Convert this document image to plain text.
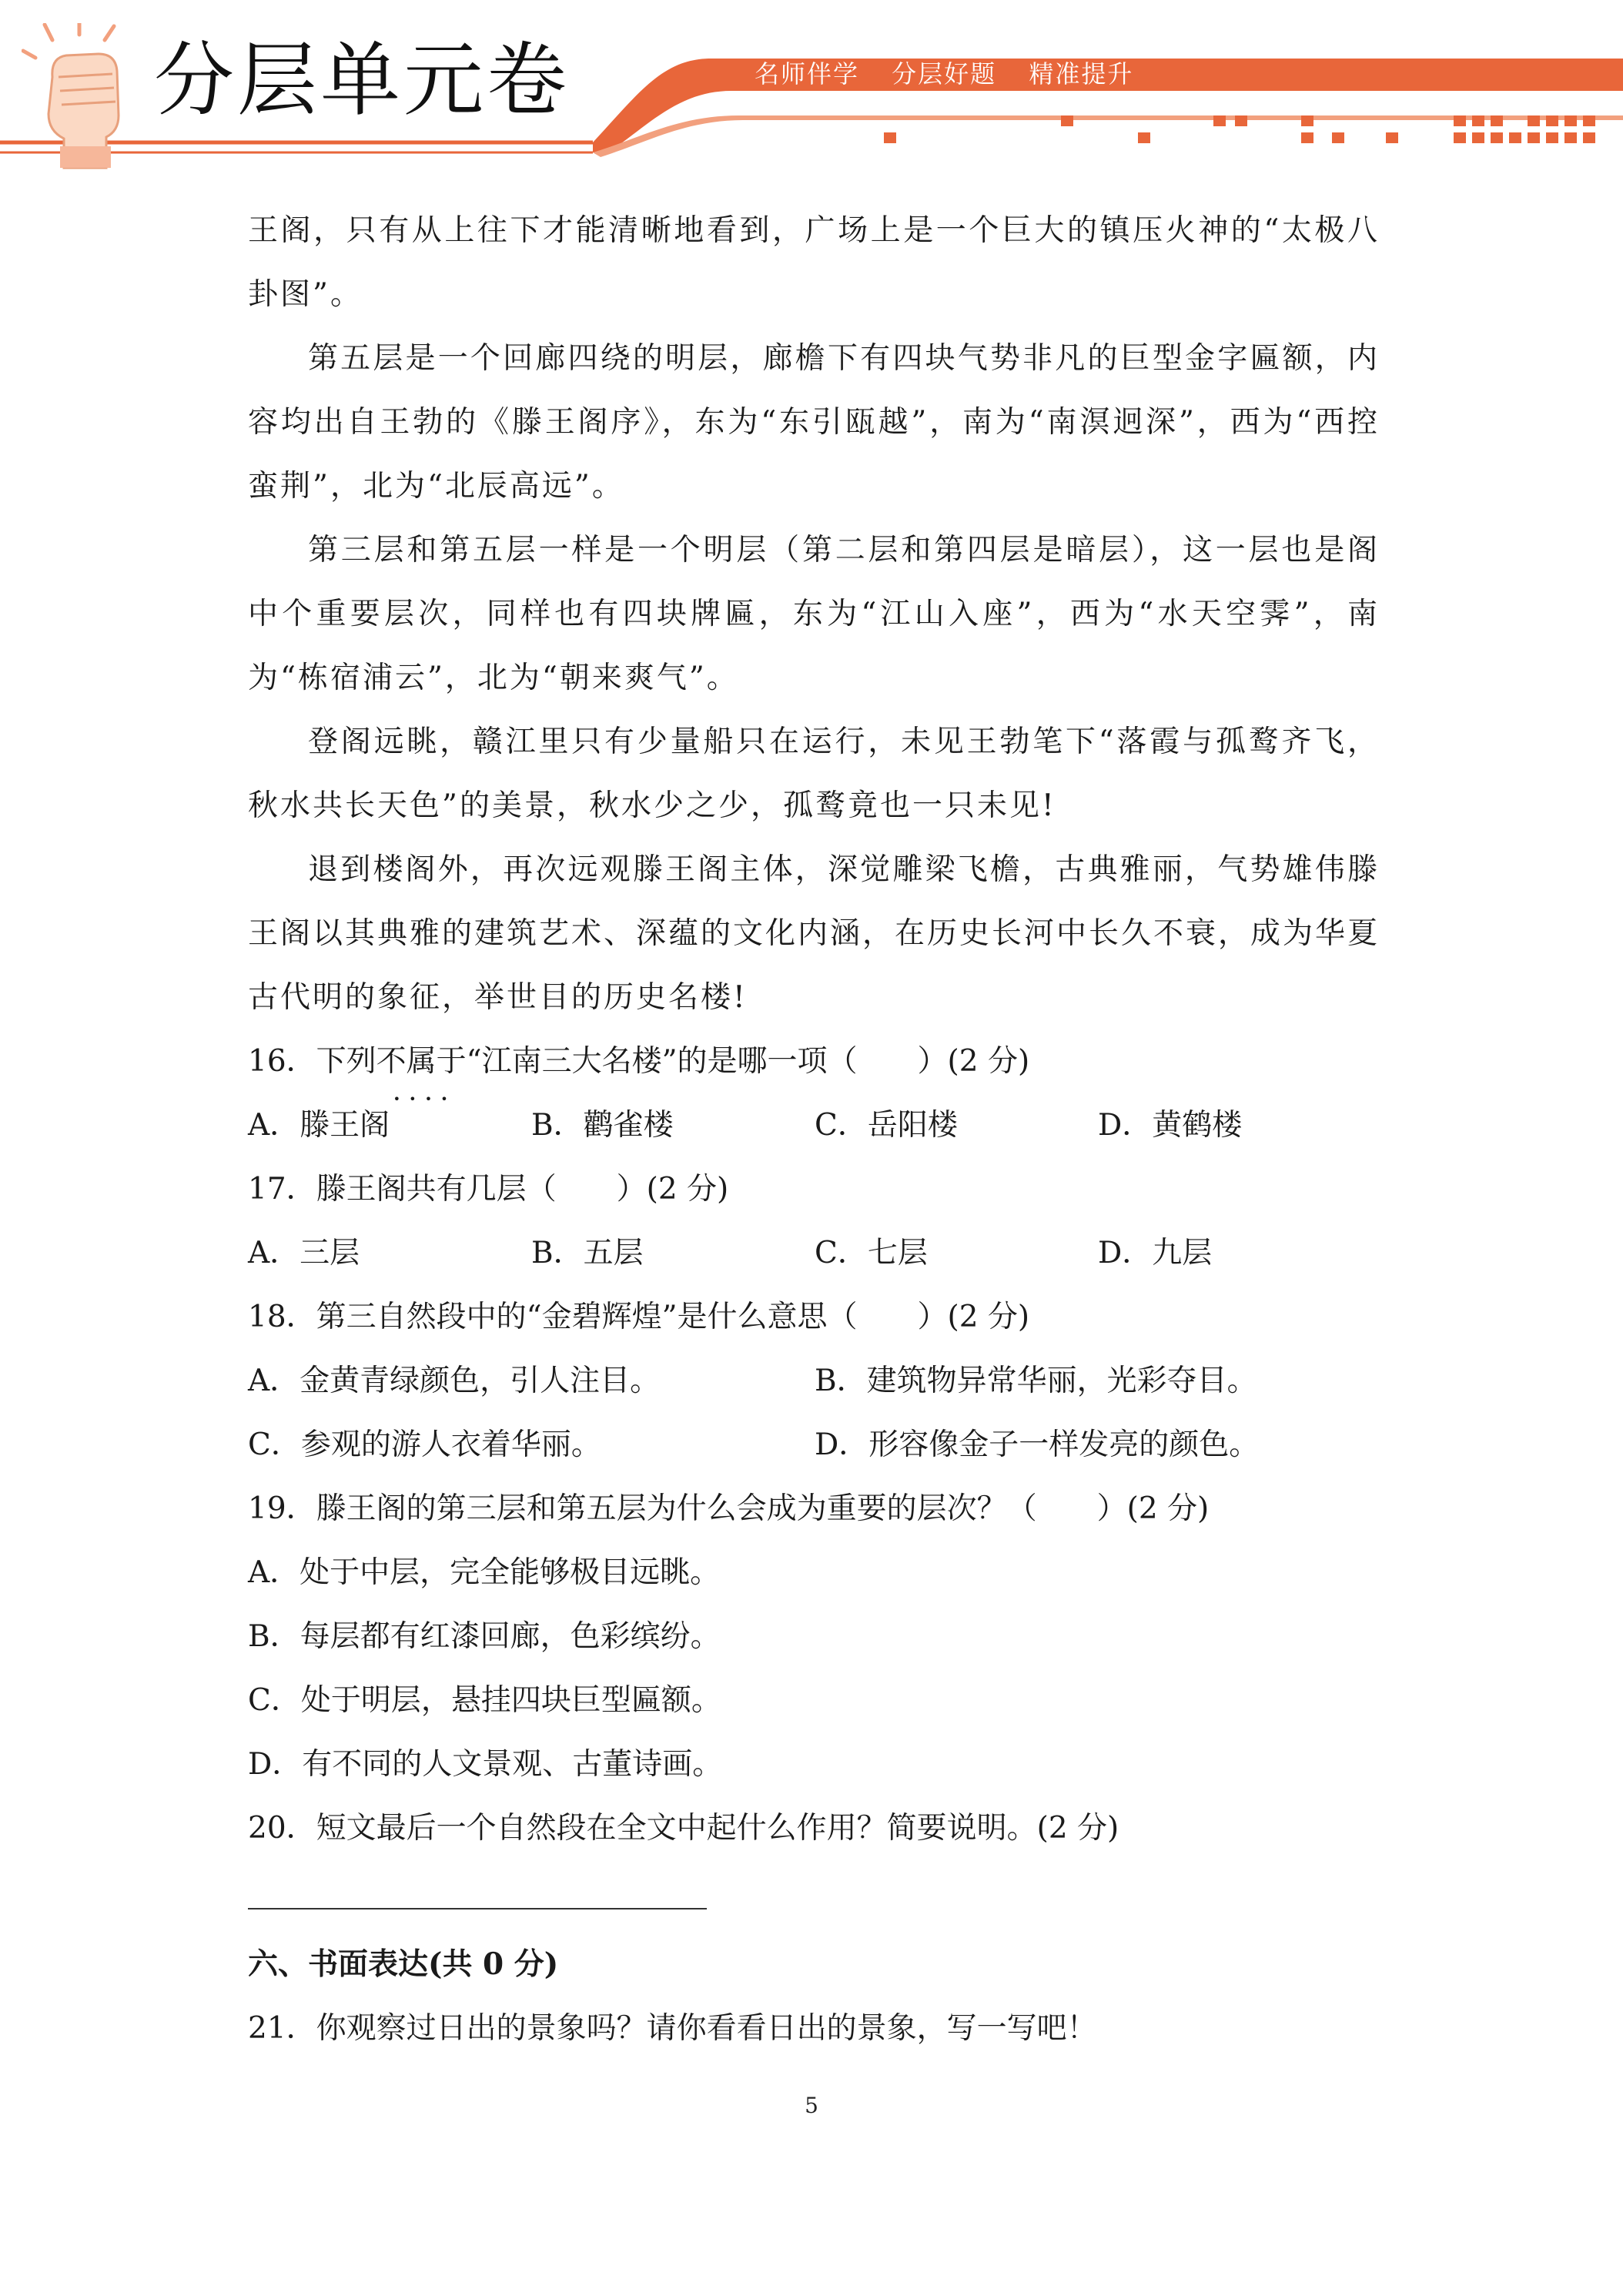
分层单元卷	名师伴学 分层好题 精准提升

王阁，只有从上往下才能清晰地看到，广场上是一个巨大的镇压火神的“太极八卦图”。

第五层是一个回廊四绕的明层，廊檐下有四块气势非凡的巨型金字匾额，内容均出自王勃的《滕王阁序》，东为“东引瓯越”，南为“南溟迥深”，西为“西控蛮荆”，北为“北辰高远”。

第三层和第五层一样是一个明层（第二层和第四层是暗层），这一层也是阁中个重要层次，同样也有四块牌匾，东为“江山入座”，西为“水天空霁”，南为“栋宿浦云”，北为“朝来爽气”。

登阁远眺，赣江里只有少量船只在运行，未见王勃笔下“落霞与孤鹜齐飞，秋水共长天色”的美景，秋水少之少，孤鹜竟也一只未见!

退到楼阁外，再次远观滕王阁主体，深觉雕梁飞檐，古典雅丽，气势雄伟滕王阁以其典雅的建筑艺术、深蕴的文化内涵，在历史长河中长久不衰，成为华夏古代明的象征，举世目的历史名楼!

16．下列不属于 • • • •“江南三大名楼”的是哪一项（　　）(2 分)

A．滕王阁	B．鹳雀楼	C．岳阳楼	D．黄鹤楼

17．滕王阁共有几层（　　）(2 分)

A．三层	B．五层	C．七层	D．九层

18．第三自然段中的“金碧辉煌”是什么意思（　　）(2 分)

A．金黄青绿颜色，引人注目。	B．建筑物异常华丽，光彩夺目。
C．参观的游人衣着华丽。	D．形容像金子一样发亮的颜色。

19．滕王阁的第三层和第五层为什么会成为重要的层次？（　　）(2 分)

A．处于中层，完全能够极目远眺。
B．每层都有红漆回廊，色彩缤纷。
C．处于明层，悬挂四块巨型匾额。
D．有不同的人文景观、古董诗画。

20．短文最后一个自然段在全文中起什么作用？简要说明。(2 分)

六、书面表达(共 0 分)

21．你观察过日出的景象吗？请你看看日出的景象，写一写吧！

5
